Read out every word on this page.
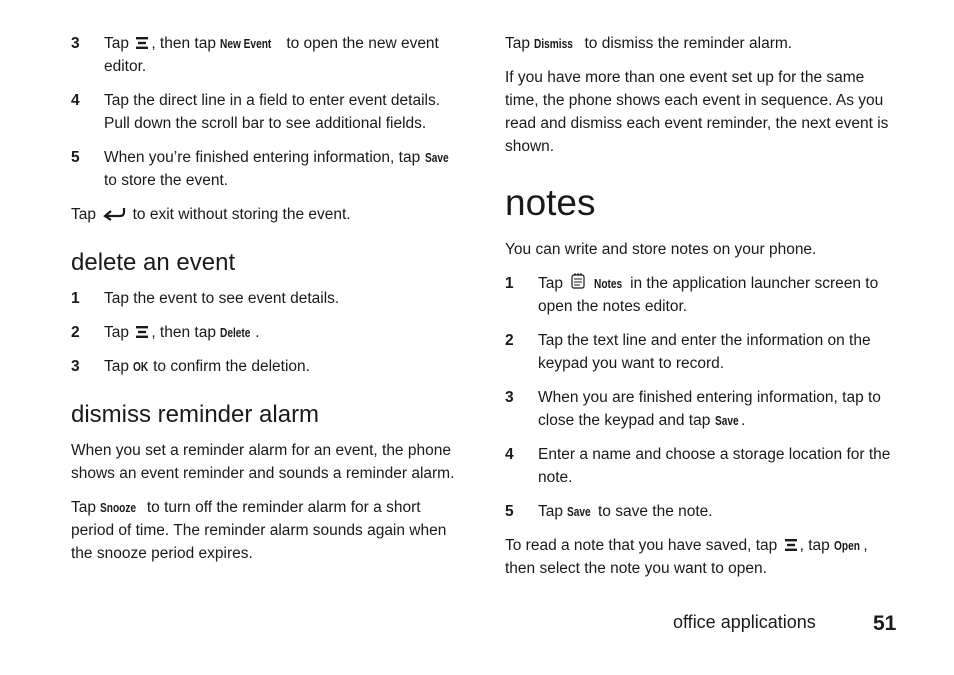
3	Tap , then tap New Event to open the new event editor.
4	Tap the direct line in a field to enter event details. Pull down the scroll bar to see additional fields.
5	When you’re finished entering information, tap Save to store the event.

Tap to exit without storing the event.

delete an event
1	Tap the event to see event details.
2	Tap , then tap Delete .
3	Tap OK to confirm the deletion.
dismiss reminder alarm

When you set a reminder alarm for an event, the phone shows an event reminder and sounds a reminder alarm.

Tap Snooze to turn off the reminder alarm for a short period of time. The reminder alarm sounds again when the snooze period expires.

Tap Dismiss to dismiss the reminder alarm.

If you have more than one event set up for the same time, the phone shows each event in sequence. As you read and dismiss each event reminder, the next event is shown.

notes

You can write and store notes on your phone.

1	Tap Notes in the application launcher screen to open the notes editor.
2	Tap the text line and enter the information on the keypad you want to record.
3	When you are finished entering information, tap to close the keypad and tap Save .
4	Enter a name and choose a storage location for the note.
5	Tap Save to save the note.

To read a note that you have saved, tap , tap Open , then select the note you want to open.

office applications	51
